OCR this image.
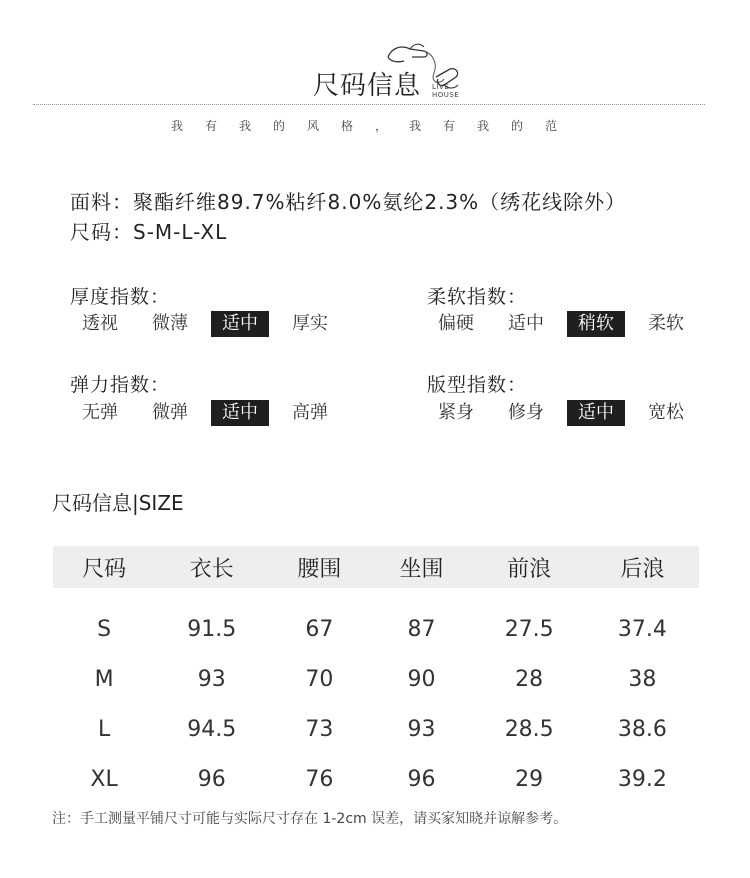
尺码信息 LIVE
HOUSE
我有我的风格，我有我的范
面料：聚酯纤维89.7%粘纤8.0%氨纶2.3%（绣花线除外）
尺码：S-M-L-XL
厚度指数：
透视	微薄	适中	厚实
柔软指数：
偏硬	适中	稍软	柔软
弹力指数：
无弹	微弹	适中	高弹
版型指数：
紧身	修身	适中	宽松
尺码信息|SIZE
尺码	衣长	腰围	坐围	前浪	后浪

S	91.5	67	87	27.5	37.4
M	93	70	90	28	38
L	94.5	73	93	28.5	38.6
XL	96	76	96	29	39.2
注：手工测量平铺尺寸可能与实际尺寸存在 1-2cm 误差，请买家知晓并谅解参考。
